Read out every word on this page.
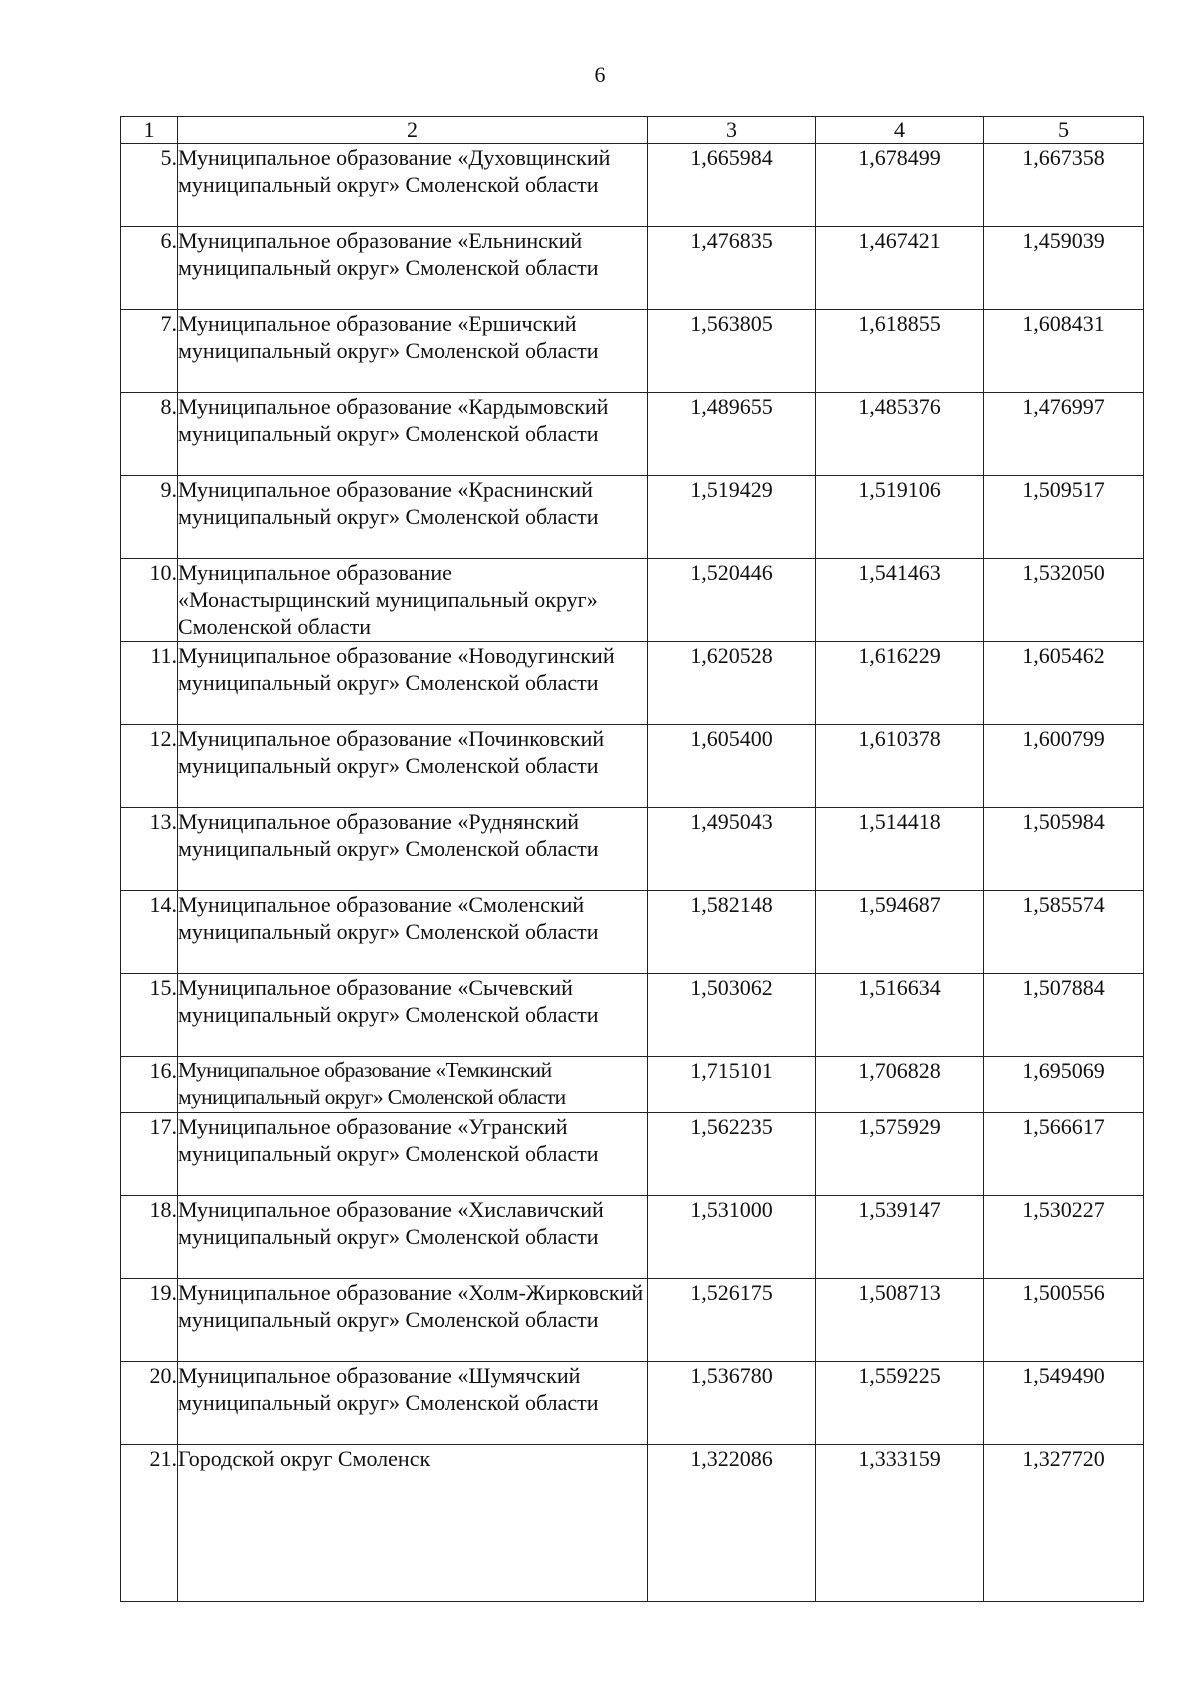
6
1	2	3	4	5
5.	Муниципальное образование «Духовщинский муниципальный округ» Смоленской области	1,665984	1,678499	1,667358
6.	Муниципальное образование «Ельнинский муниципальный округ» Смоленской области	1,476835	1,467421	1,459039
7.	Муниципальное образование «Ершичский муниципальный округ» Смоленской области	1,563805	1,618855	1,608431
8.	Муниципальное образование «Кардымовский муниципальный округ» Смоленской области	1,489655	1,485376	1,476997
9.	Муниципальное образование «Краснинский муниципальный округ» Смоленской области	1,519429	1,519106	1,509517
10.	Муниципальное образование «Монастырщинский муниципальный округ» Смоленской области	1,520446	1,541463	1,532050
11.	Муниципальное образование «Новодугинский муниципальный округ» Смоленской области	1,620528	1,616229	1,605462
12.	Муниципальное образование «Починковский муниципальный округ» Смоленской области	1,605400	1,610378	1,600799
13.	Муниципальное образование «Руднянский муниципальный округ» Смоленской области	1,495043	1,514418	1,505984
14.	Муниципальное образование «Смоленский муниципальный округ» Смоленской области	1,582148	1,594687	1,585574
15.	Муниципальное образование «Сычевский муниципальный округ» Смоленской области	1,503062	1,516634	1,507884
16.	Муниципальное образование «Темкинский муниципальный округ» Смоленской области	1,715101	1,706828	1,695069
17.	Муниципальное образование «Угранский муниципальный округ» Смоленской области	1,562235	1,575929	1,566617
18.	Муниципальное образование «Хиславичский муниципальный округ» Смоленской области	1,531000	1,539147	1,530227
19.	Муниципальное образование «Холм-Жирковский муниципальный округ» Смоленской области	1,526175	1,508713	1,500556
20.	Муниципальное образование «Шумячский муниципальный округ» Смоленской области	1,536780	1,559225	1,549490
21.	Городской округ Смоленск	1,322086	1,333159	1,327720
